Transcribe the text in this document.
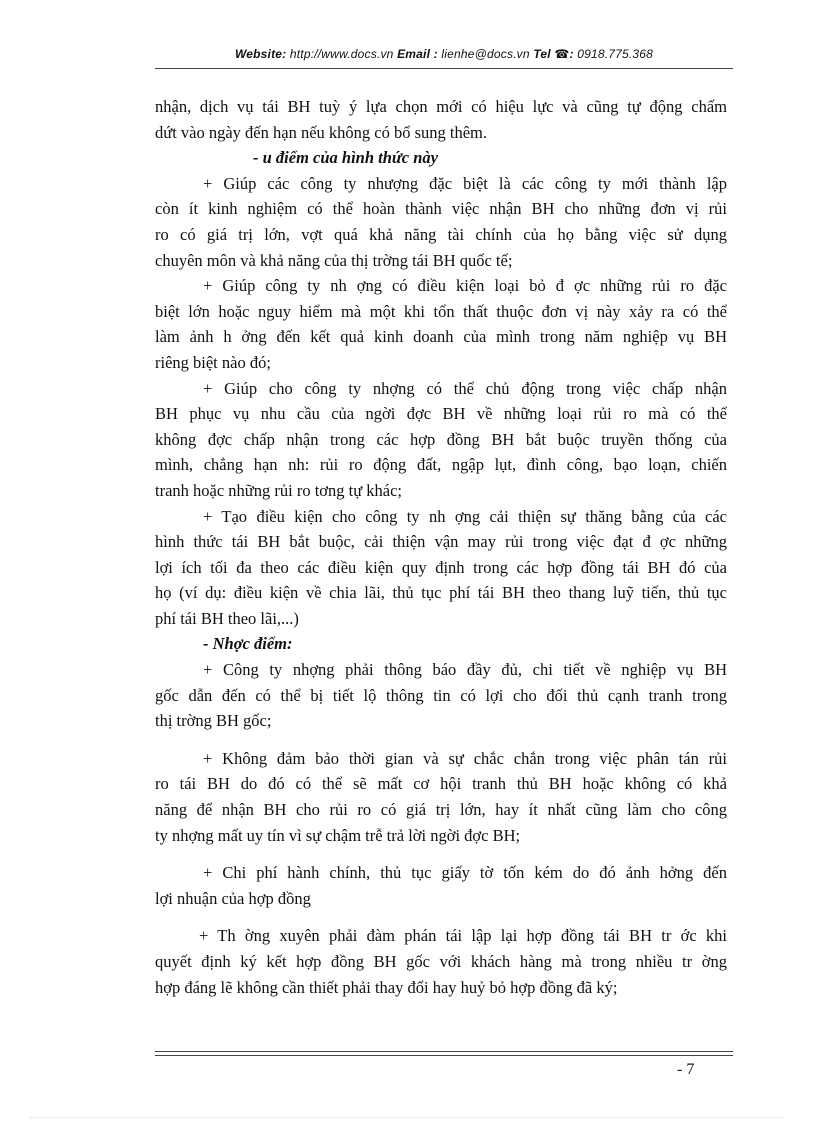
Website: http://www.docs.vn Email : lienhe@docs.vn Tel ☎: 0918.775.368
nhận, dịch vụ tái BH tuỳ ý lựa chọn mới có hiệu lực và cũng tự động chấm
dứt vào ngày đến hạn nếu không có bổ sung thêm.
- u điểm của hình thức này
+ Giúp các công ty nhượng đặc biệt là các công ty mới thành lập
còn ít kinh nghiệm có thể hoàn thành việc nhận BH cho những đơn vị rủi
ro có giá trị lớn, vợt quá khả năng tài chính của họ bằng việc sử dụng
chuyên môn và khả năng của thị trờng tái BH quốc tế;
+ Giúp công ty nh ợng có điều kiện loại bỏ đ ợc những rủi ro đặc
biệt lớn hoặc nguy hiểm mà một khi tổn thất thuộc đơn vị này xảy ra có thể
làm ảnh h ởng đến kết quả kinh doanh của mình trong năm nghiệp vụ BH
riêng biệt nào đó;
+ Giúp cho công ty nhợng có thể chủ động trong việc chấp nhận
BH phục vụ nhu cầu của ngời đợc BH về những loại rủi ro mà có thể
không đợc chấp nhận trong các hợp đồng BH bắt buộc truyền thống của
mình, chẳng hạn nh: rủi ro động đất, ngập lụt, đình công, bạo loạn, chiến
tranh hoặc những rủi ro tơng tự khác;
+ Tạo điều kiện cho công ty nh ợng cải thiện sự thăng bằng của các
hình thức tái BH bắt buộc, cải thiện vận may rủi trong việc đạt đ ợc những
lợi ích tối đa theo các điều kiện quy định trong các hợp đồng tái BH đó của
họ (ví dụ: điều kiện về chia lãi, thủ tục phí tái BH theo thang luỹ tiến, thủ tục
phí tái BH theo lãi,...)
- Nhợc điểm:
+ Công ty nhợng phải thông báo đầy đủ, chi tiết về nghiệp vụ BH
gốc dẫn đến có thể bị tiết lộ thông tin có lợi cho đối thủ cạnh tranh trong
thị trờng BH gốc;
+ Không đảm bảo thời gian và sự chắc chắn trong việc phân tán rủi
ro tái BH do đó có thể sẽ mất cơ hội tranh thủ BH hoặc không có khả
năng để nhận BH cho rủi ro có giá trị lớn, hay ít nhất cũng làm cho công
ty nhợng mất uy tín vì sự chậm trễ trả lời ngời đợc BH;
+ Chi phí hành chính, thủ tục giấy tờ tốn kém do đó ảnh hởng đến
lợi nhuận của hợp đồng
+ Th ờng xuyên phải đàm phán tái lập lại hợp đồng tái BH tr ớc khi
quyết định ký kết hợp đồng BH gốc với khách hàng mà trong nhiều tr ờng
hợp đáng lẽ không cần thiết phải thay đổi hay huỷ bỏ hợp đồng đã ký;
- 7
